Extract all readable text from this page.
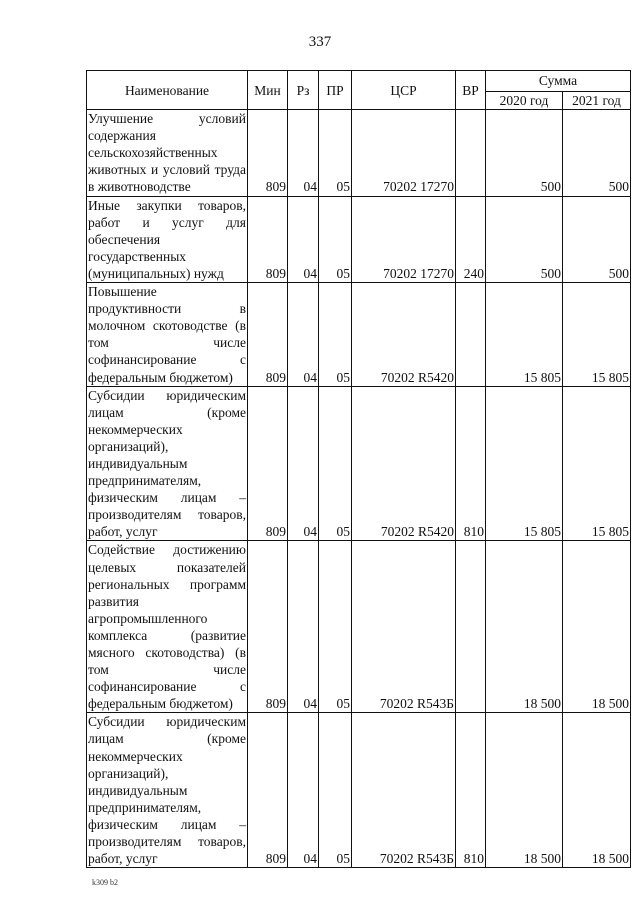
337
Наименование	Мин	Рз	ПР	ЦСР	ВР	Сумма	
						2020 год	2021 год
Улучшение условий содержания сельскохозяйственных животных и условий труда в животноводстве	809	04	05	70202 17270		500	500
Иные закупки товаров, работ и услуг для обеспечения государственных (муниципальных) нужд	809	04	05	70202 17270	240	500	500
Повышение продуктивности в молочном скотоводстве (в том числе софинансирование с федеральным бюджетом)	809	04	05	70202 R5420		15 805	15 805
Субсидии юридическим лицам (кроме некоммерческих организаций), индивидуальным предпринимателям, физическим лицам – производителям товаров, работ, услуг	809	04	05	70202 R5420	810	15 805	15 805
Содействие достижению целевых показателей региональных программ развития агропромышленного комплекса (развитие мясного скотоводства) (в том числе софинансирование с федеральным бюджетом)	809	04	05	70202 R543Б		18 500	18 500
Субсидии юридическим лицам (кроме некоммерческих организаций), индивидуальным предпринимателям, физическим лицам – производителям товаров, работ, услуг	809	04	05	70202 R543Б	810	18 500	18 500
k309 b2
